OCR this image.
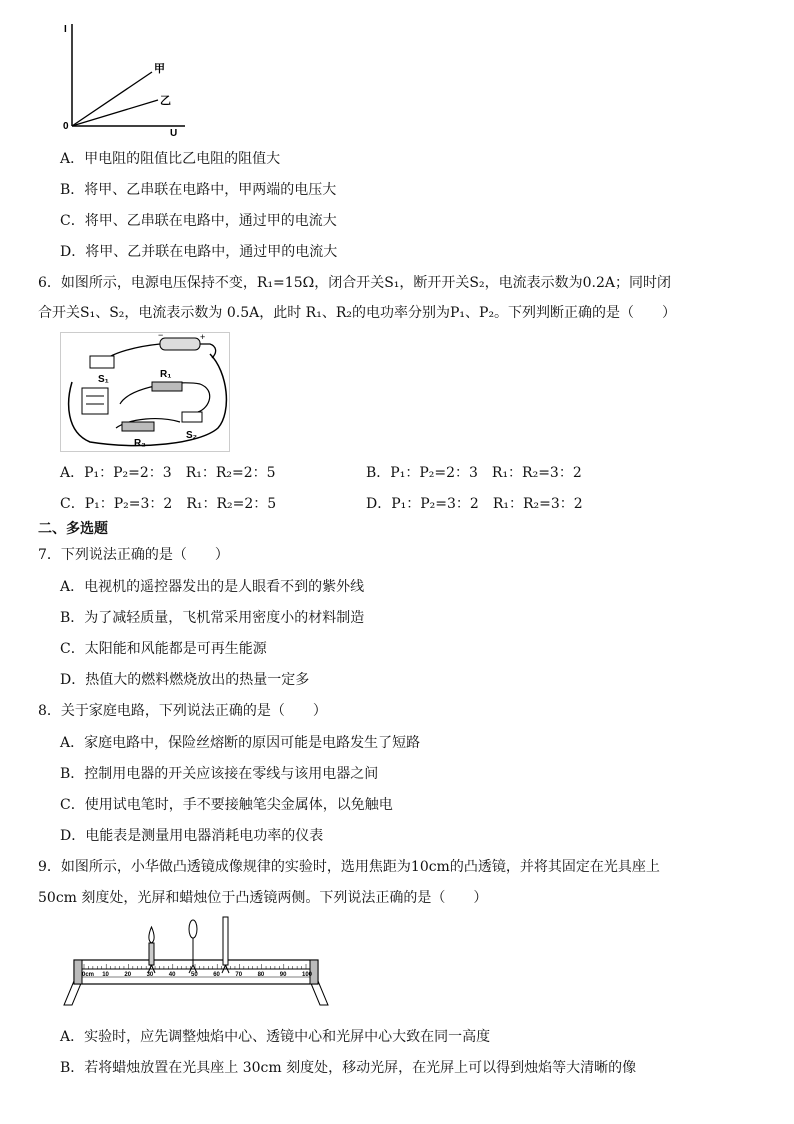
I
0
U
甲
乙
A．甲电阻的阻值比乙电阻的阻值大
B．将甲、乙串联在电路中，甲两端的电压大
C．将甲、乙串联在电路中，通过甲的电流大
D．将甲、乙并联在电路中，通过甲的电流大
6．如图所示，电源电压保持不变，R₁=15Ω，闭合开关S₁，断开开关S₂，电流表示数为0.2A；同时闭
合开关S₁、S₂，电流表示数为 0.5A，此时 R₁、R₂的电功率分别为P₁、P₂。下列判断正确的是（　　）
−	+
S₁	R₁
R₂
S₂
A．P₁：P₂=2：3　R₁：R₂=2：5	B．P₁：P₂=2：3　R₁：R₂=3：2
C．P₁：P₂=3：2　R₁：R₂=2：5	D．P₁：P₂=3：2　R₁：R₂=3：2
二、多选题
7．下列说法正确的是（　　）
A．电视机的遥控器发出的是人眼看不到的紫外线
B．为了减轻质量，飞机常采用密度小的材料制造
C．太阳能和风能都是可再生能源
D．热值大的燃料燃烧放出的热量一定多
8．关于家庭电路，下列说法正确的是（　　）
A．家庭电路中，保险丝熔断的原因可能是电路发生了短路
B．控制用电器的开关应该接在零线与该用电器之间
C．使用试电笔时，手不要接触笔尖金属体，以免触电
D．电能表是测量用电器消耗电功率的仪表
9．如图所示，小华做凸透镜成像规律的实验时，选用焦距为10cm的凸透镜，并将其固定在光具座上
50cm 刻度处，光屏和蜡烛位于凸透镜两侧。下列说法正确的是（　　）
0cm 10	20	30	40	50	60	70	80	90	100
A．实验时，应先调整烛焰中心、透镜中心和光屏中心大致在同一高度
B．若将蜡烛放置在光具座上 30cm 刻度处，移动光屏，在光屏上可以得到烛焰等大清晰的像
